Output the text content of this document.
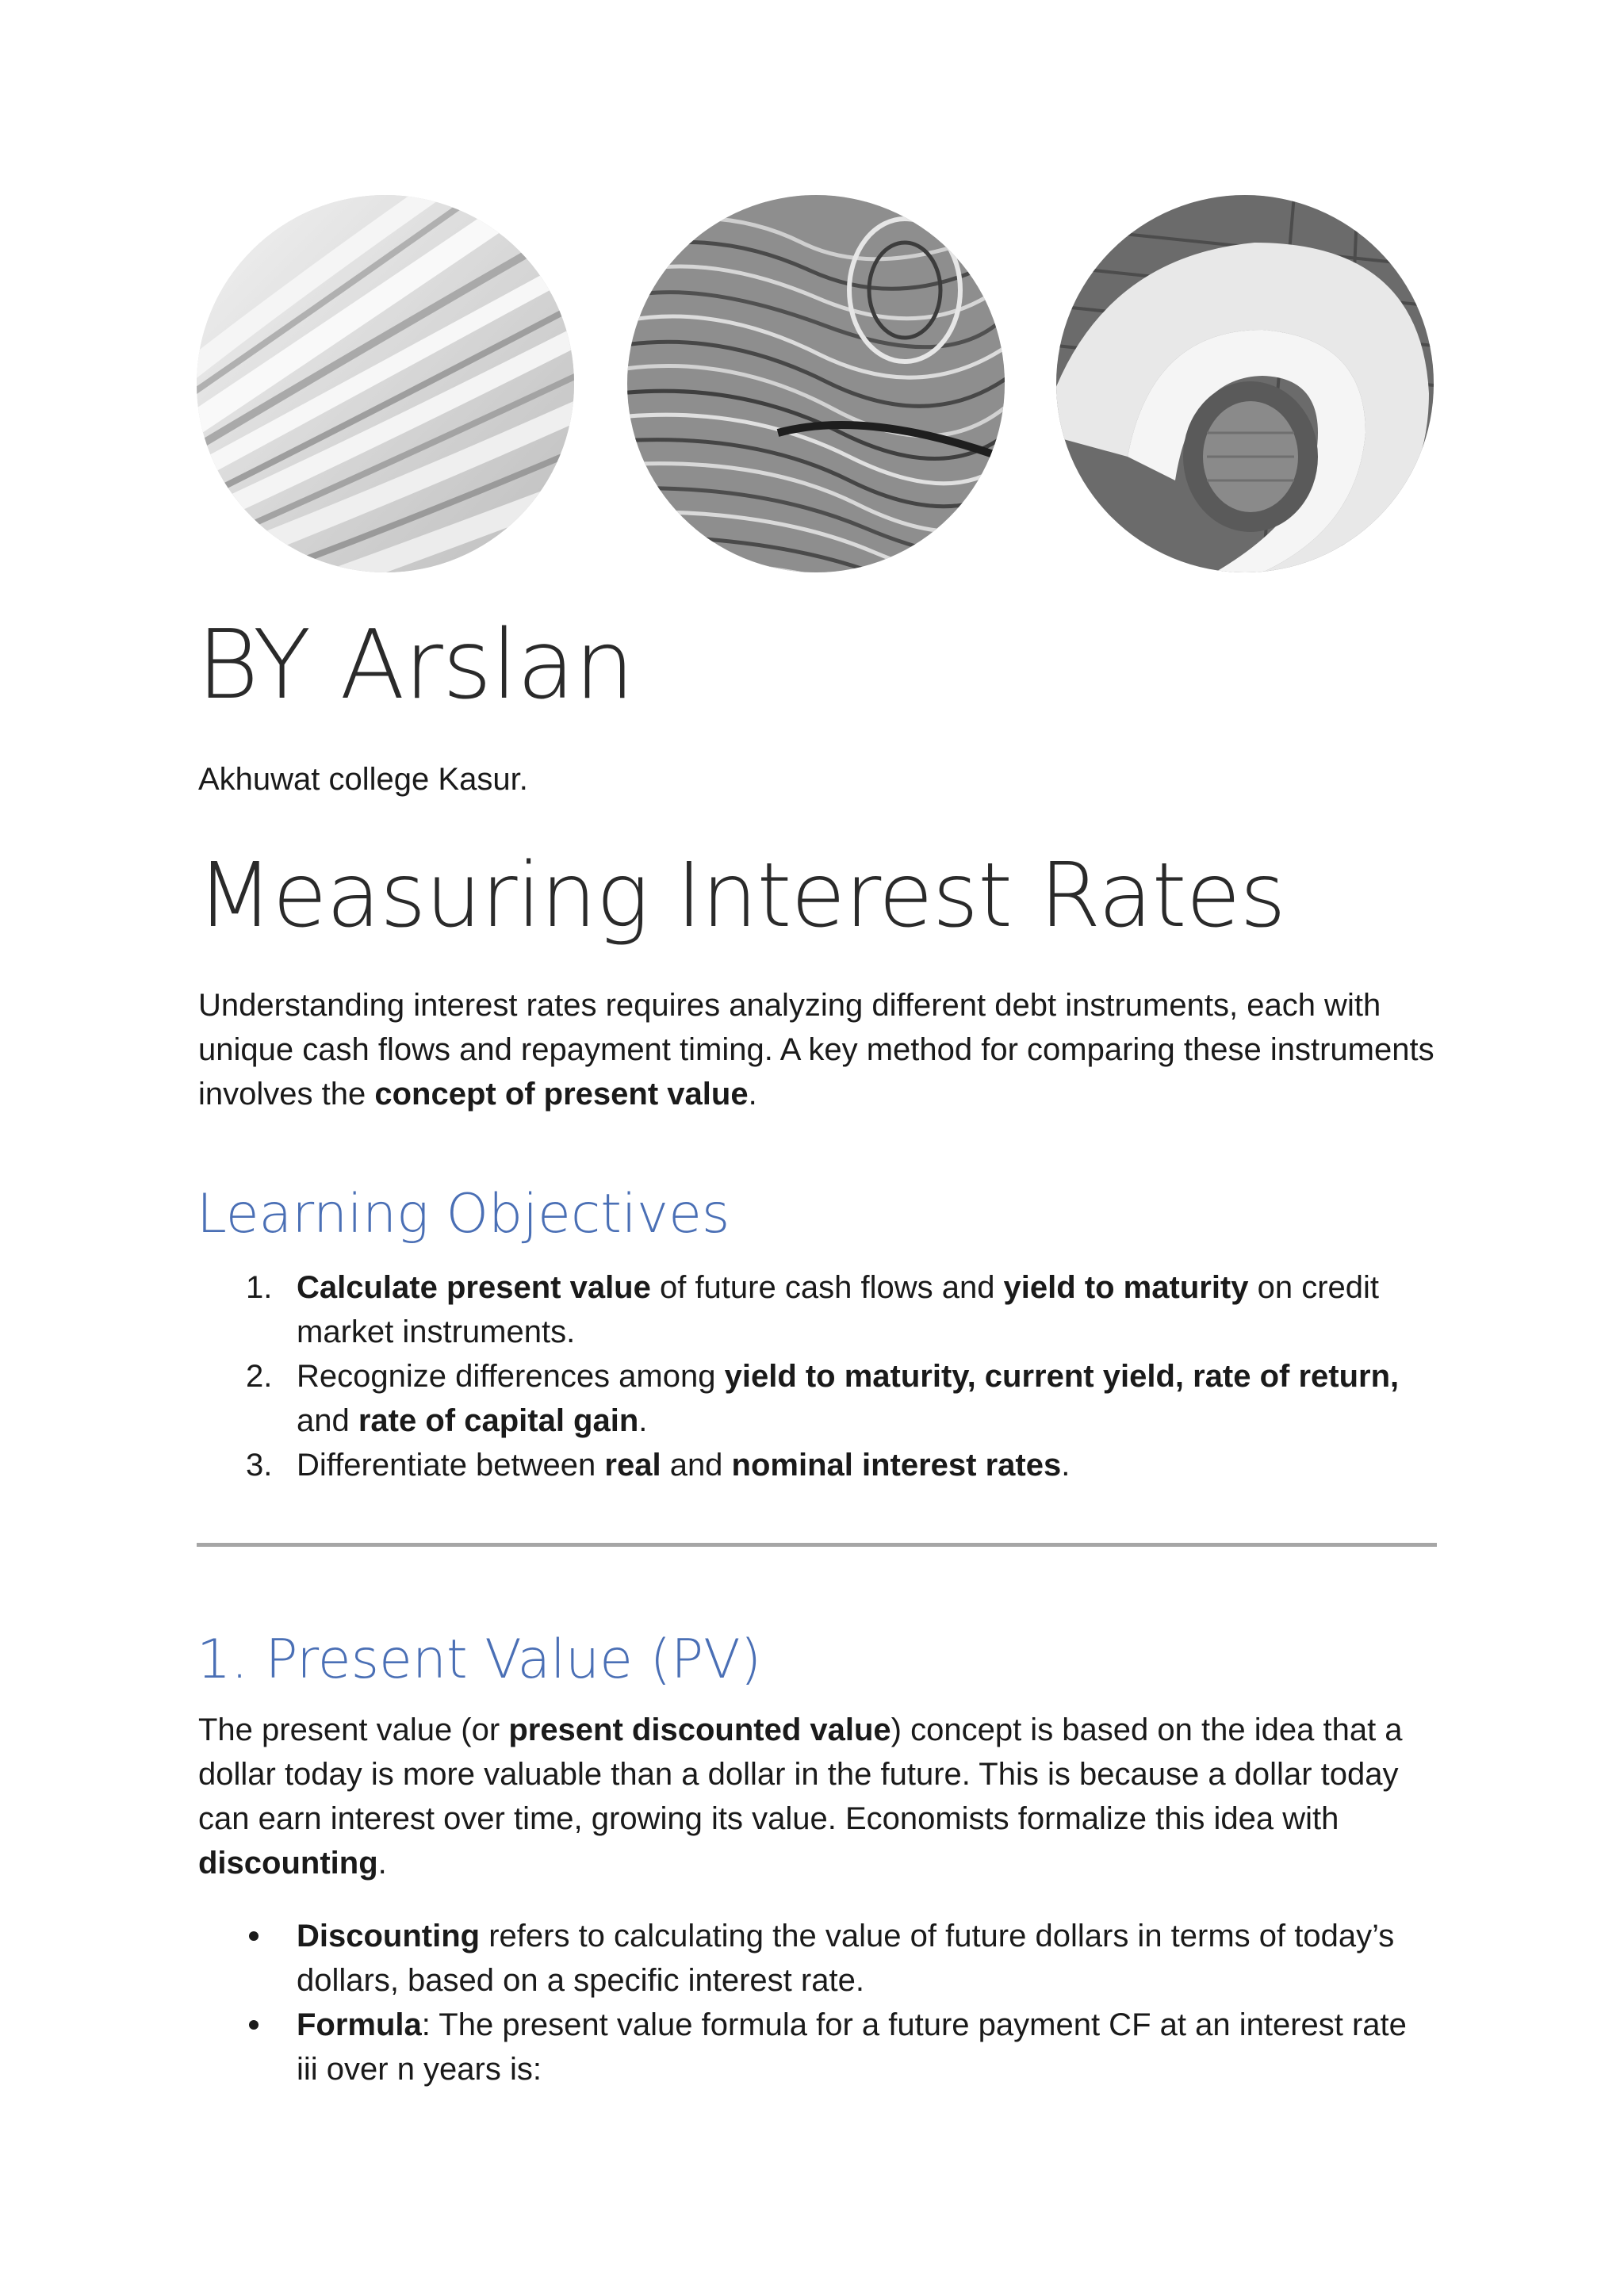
BY Arslan

Akhuwat college Kasur.

Measuring Interest Rates

Understanding interest rates requires analyzing different debt instruments, each with unique cash flows and repayment timing. A key method for comparing these instruments involves the concept of present value.

Learning Objectives
1. Calculate present value of future cash flows and yield to maturity on credit market instruments.
2. Recognize differences among yield to maturity, current yield, rate of return, and rate of capital gain.
3. Differentiate between real and nominal interest rates.
1. Present Value (PV)

The present value (or present discounted value) concept is based on the idea that a dollar today is more valuable than a dollar in the future. This is because a dollar today can earn interest over time, growing its value. Economists formalize this idea with discounting.

Discounting refers to calculating the value of future dollars in terms of today’s dollars, based on a specific interest rate.
Formula: The present value formula for a future payment CF at an interest rate iii over n years is:
